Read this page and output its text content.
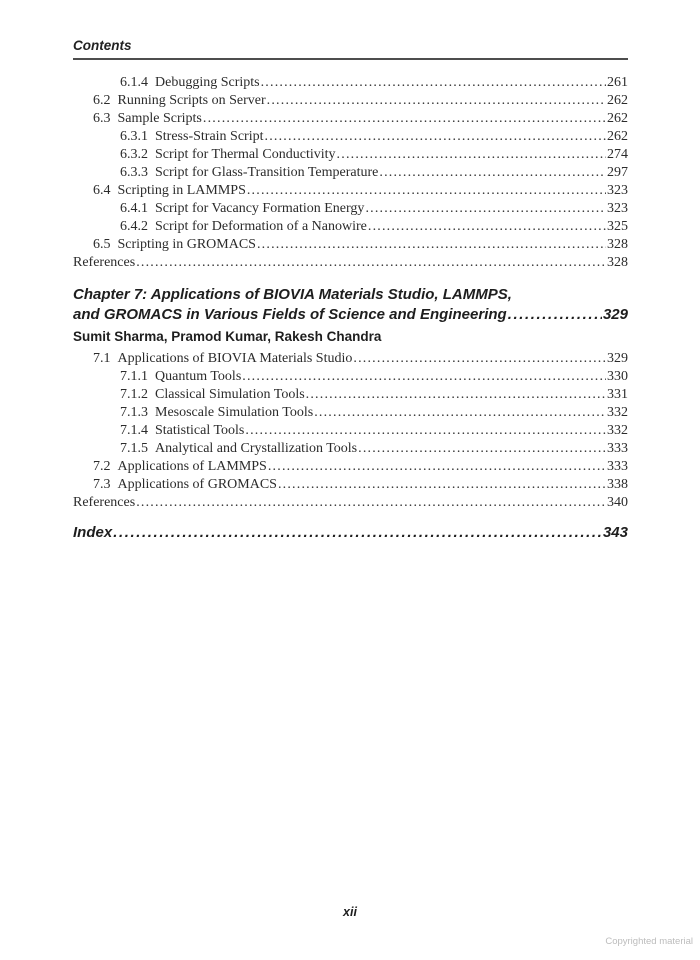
Contents
6.1.4 Debugging Scripts .....	261
6.2 Running Scripts on Server .....	262
6.3 Sample Scripts .....	262
6.3.1 Stress-Strain Script .....	262
6.3.2 Script for Thermal Conductivity .....	274
6.3.3 Script for Glass-Transition Temperature .....	297
6.4 Scripting in LAMMPS .....	323
6.4.1 Script for Vacancy Formation Energy .....	323
6.4.2 Script for Deformation of a Nanowire .....	325
6.5 Scripting in GROMACS .....	328
References .....	328
Chapter 7: Applications of BIOVIA Materials Studio, LAMMPS,
and GROMACS in Various Fields of Science and Engineering .....	329
Sumit Sharma, Pramod Kumar, Rakesh Chandra
7.1 Applications of BIOVIA Materials Studio .....	329
7.1.1 Quantum Tools .....	330
7.1.2 Classical Simulation Tools .....	331
7.1.3 Mesoscale Simulation Tools .....	332
7.1.4 Statistical Tools .....	332
7.1.5 Analytical and Crystallization Tools .....	333
7.2 Applications of LAMMPS .....	333
7.3 Applications of GROMACS .....	338
References .....	340
Index .....	343
xii
Copyrighted material
